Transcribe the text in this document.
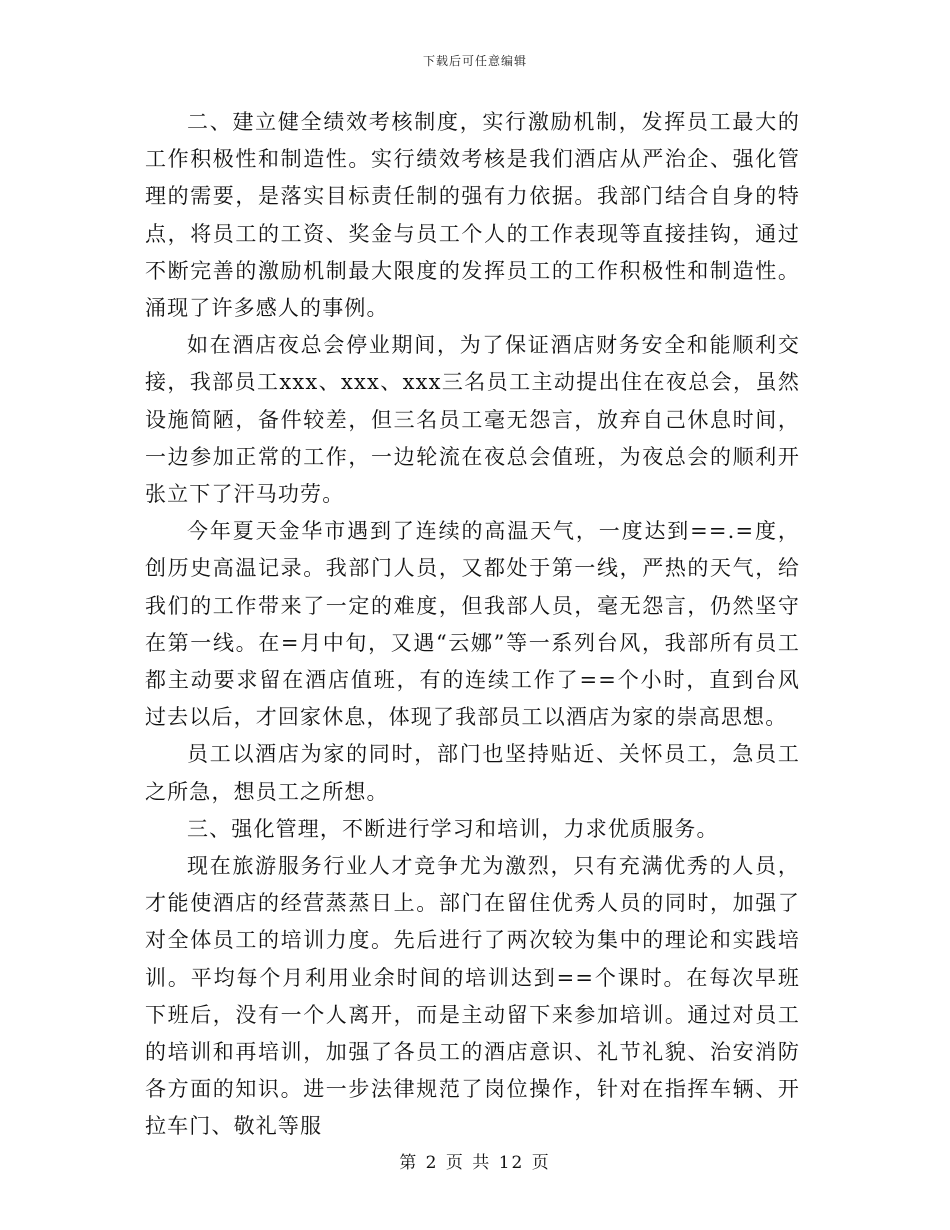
下载后可任意编辑

二、建立健全绩效考核制度，实行激励机制，发挥员工最大的工作积极性和制造性。实行绩效考核是我们酒店从严治企、强化管理的需要，是落实目标责任制的强有力依据。我部门结合自身的特点，将员工的工资、奖金与员工个人的工作表现等直接挂钩，通过不断完善的激励机制最大限度的发挥员工的工作积极性和制造性。涌现了许多感人的事例。

如在酒店夜总会停业期间，为了保证酒店财务安全和能顺利交接，我部员工xxx、xxx、xxx三名员工主动提出住在夜总会，虽然设施简陋，备件较差，但三名员工毫无怨言，放弃自己休息时间，一边参加正常的工作，一边轮流在夜总会值班，为夜总会的顺利开张立下了汗马功劳。

今年夏天金华市遇到了连续的高温天气，一度达到==.=度，创历史高温记录。我部门人员，又都处于第一线，严热的天气，给我们的工作带来了一定的难度，但我部人员，毫无怨言，仍然坚守在第一线。在=月中旬，又遇“云娜”等一系列台风，我部所有员工都主动要求留在酒店值班，有的连续工作了==个小时，直到台风过去以后，才回家休息，体现了我部员工以酒店为家的崇高思想。

员工以酒店为家的同时，部门也坚持贴近、关怀员工，急员工之所急，想员工之所想。

三、强化管理，不断进行学习和培训，力求优质服务。

现在旅游服务行业人才竞争尤为激烈，只有充满优秀的人员，才能使酒店的经营蒸蒸日上。部门在留住优秀人员的同时，加强了对全体员工的培训力度。先后进行了两次较为集中的理论和实践培训。平均每个月利用业余时间的培训达到==个课时。在每次早班下班后，没有一个人离开，而是主动留下来参加培训。通过对员工的培训和再培训，加强了各员工的酒店意识、礼节礼貌、治安消防各方面的知识。进一步法律规范了岗位操作，针对在指挥车辆、开拉车门、敬礼等服

第 2 页 共 12 页
